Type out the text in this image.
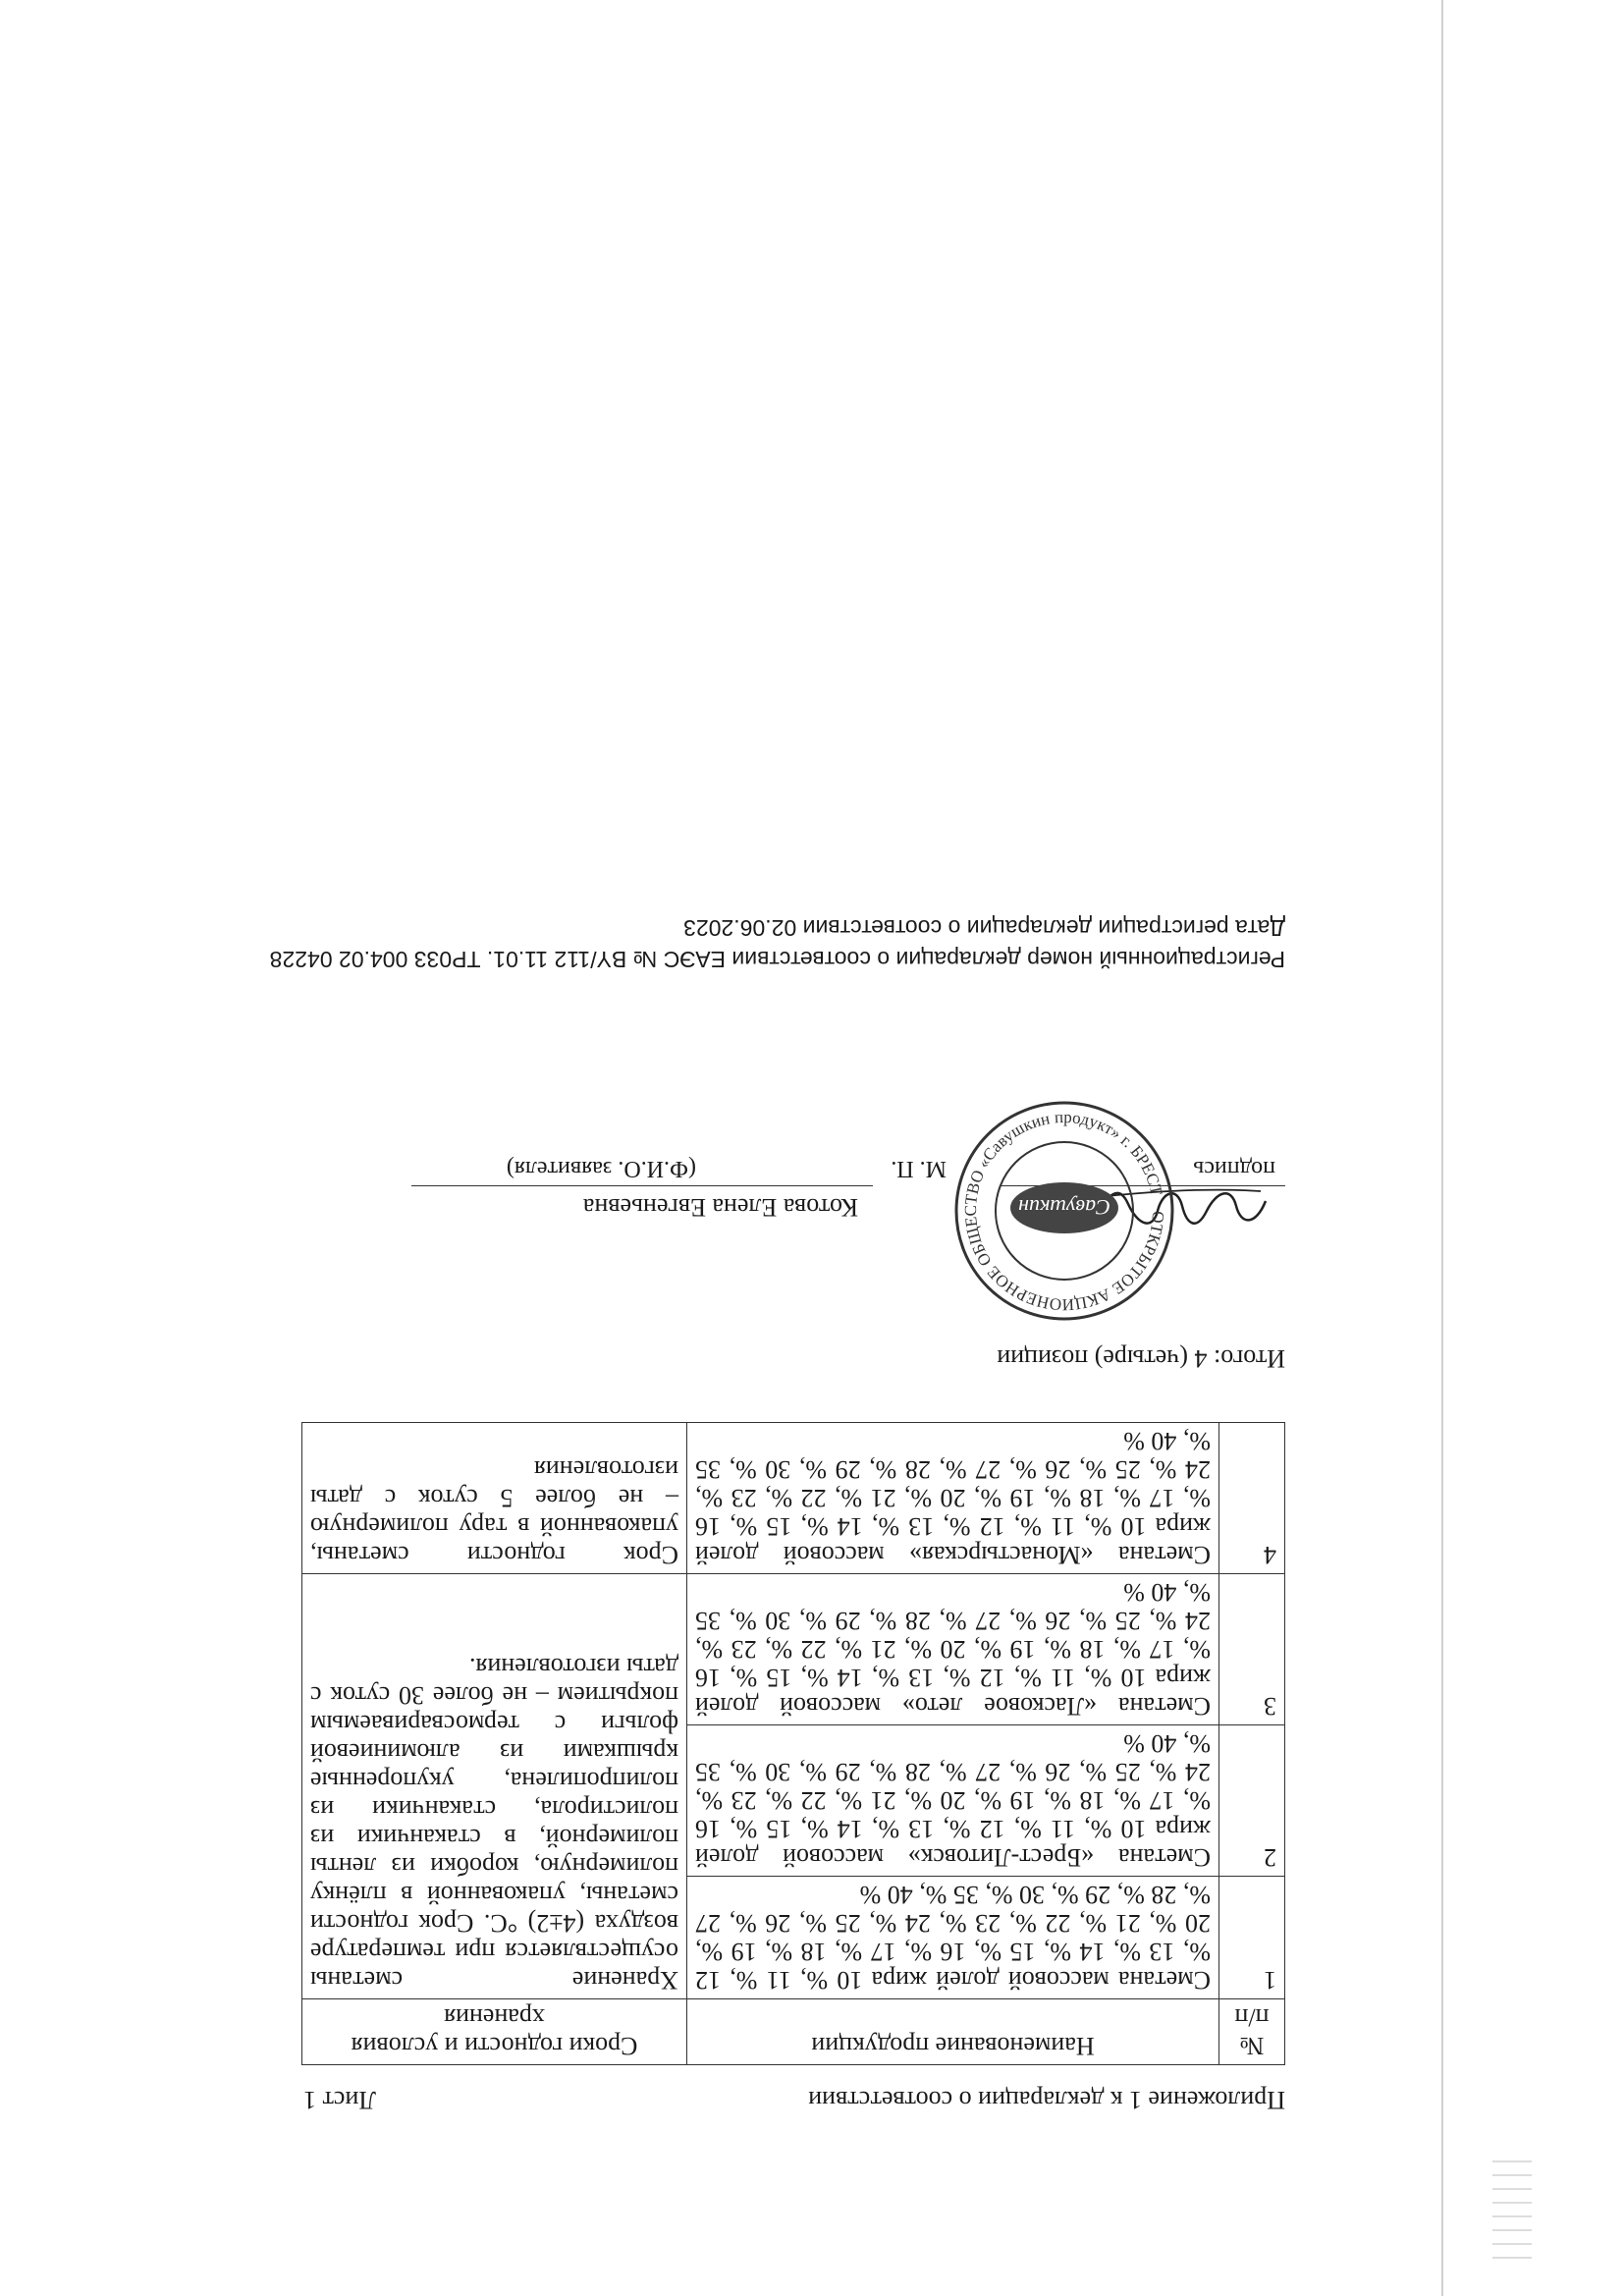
Приложение 1 к декларации о соответствии
Лист 1
№ п/п	Наименование продукции	Сроки годности и условия хранения
1	Сметана массовой долей жира 10 %, 11 %, 12 %, 13 %, 14 %, 15 %, 16 %, 17 %, 18 %, 19 %, 20 %, 21 %, 22 %, 23 %, 24 %, 25 %, 26 %, 27 %, 28 %, 29 %, 30 %, 35 %, 40 %	Хранение сметаны осуществляется при температуре воздуха (4±2) °С. Срок годности сметаны, упакованной в плёнку полимерную, коробки из ленты полимерной, в стаканчики из полистирола, стаканчики из полипропилена, укупоренные крышками из алюминиевой фольги с термосвариваемым покрытием – не более 30 суток с даты изготовления.
2	Сметана «Брест-Литовск» массовой долей жира 10 %, 11 %, 12 %, 13 %, 14 %, 15 %, 16 %, 17 %, 18 %, 19 %, 20 %, 21 %, 22 %, 23 %, 24 %, 25 %, 26 %, 27 %, 28 %, 29 %, 30 %, 35 %, 40 %	
3	Сметана «Ласковое лето» массовой долей жира 10 %, 11 %, 12 %, 13 %, 14 %, 15 %, 16 %, 17 %, 18 %, 19 %, 20 %, 21 %, 22 %, 23 %, 24 %, 25 %, 26 %, 27 %, 28 %, 29 %, 30 %, 35 %, 40 %	
4	Сметана «Монастырская» массовой долей жира 10 %, 11 %, 12 %, 13 %, 14 %, 15 %, 16 %, 17 %, 18 %, 19 %, 20 %, 21 %, 22 %, 23 %, 24 %, 25 %, 26 %, 27 %, 28 %, 29 %, 30 %, 35 %, 40 %	Срок годности сметаны, упакованной в тару полимерную – не более 5 суток с даты изготовления
Итого: 4 (четыре) позиции
подпись
М. П.
ОТКРЫТОЕ АКЦИОНЕРНОЕ ОБЩЕСТВО «Савушкин продукт» г. БРЕСТ
Савушкин
Котова Елена Евгеньевна
(Ф.И.О. заявителя)
Регистрационный номер декларации о соответствии ЕАЭС № BY/112 11.01. ТР033 004.02 04228
Дата регистрации декларации о соответствии 02.06.2023
